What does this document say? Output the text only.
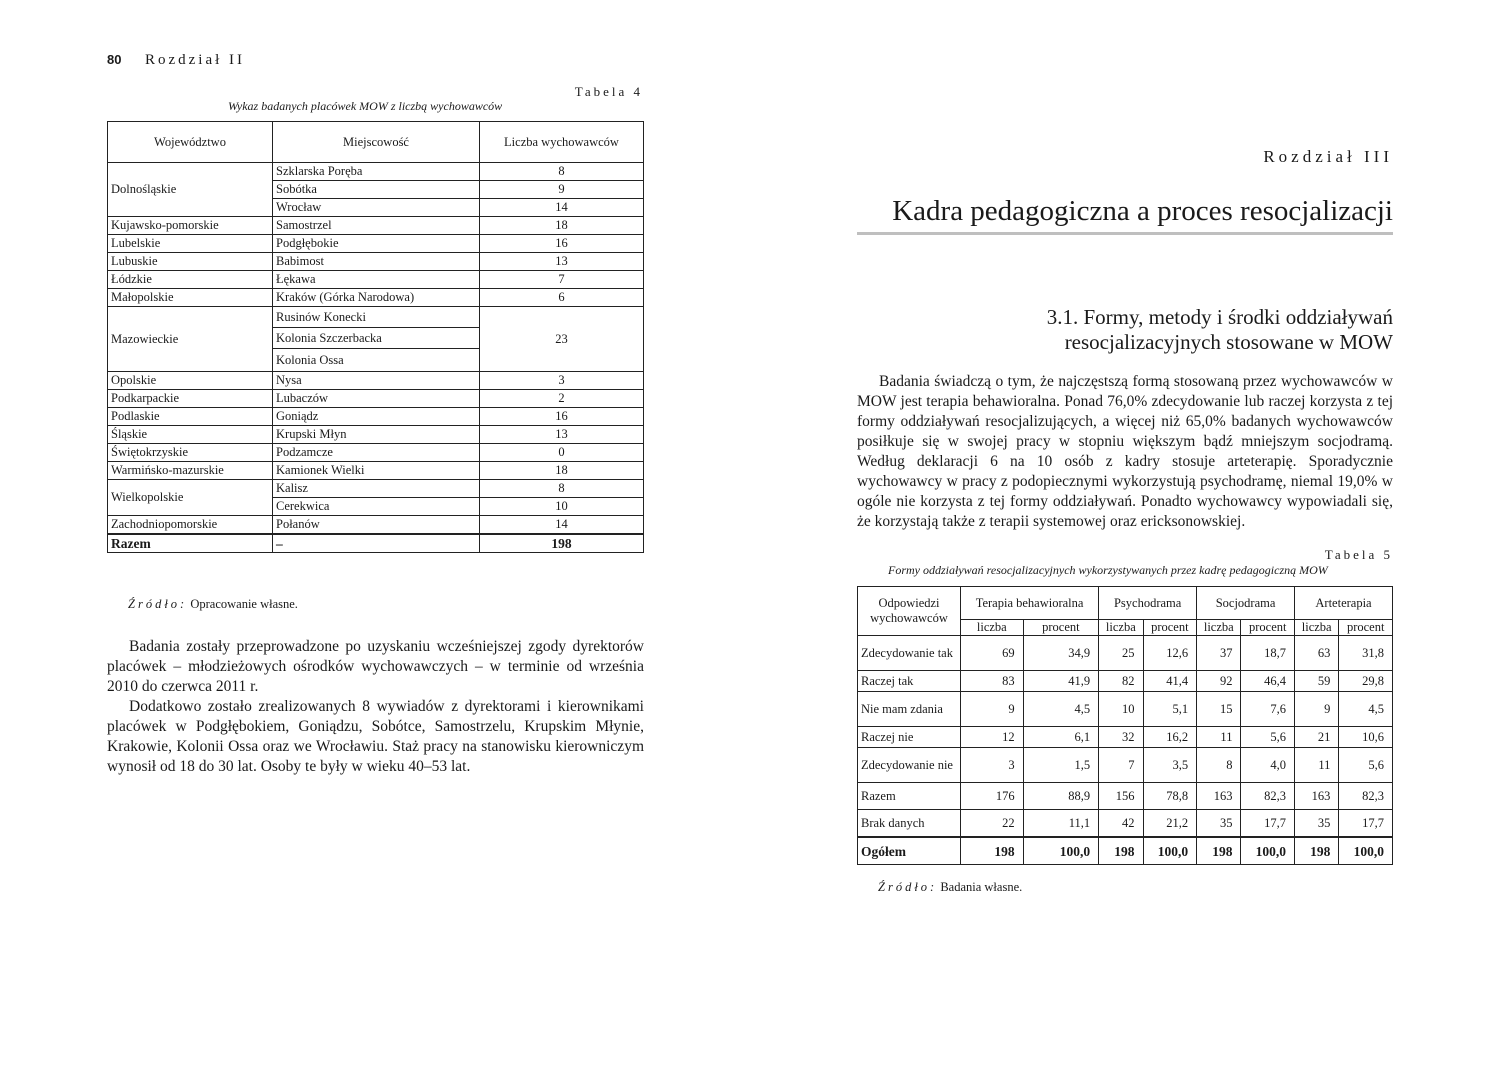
80 Rozdział II
Tabela 4
Wykaz badanych placówek MOW z liczbą wychowawców
Województwo	Miejscowość	Liczba wychowawców
Dolnośląskie	Szklarska Poręba	8
	Sobótka	9
	Wrocław	14
Kujawsko-pomorskie	Samostrzel	18
Lubelskie	Podgłębokie	16
Lubuskie	Babimost	13
Łódzkie	Łękawa	7
Małopolskie	Kraków (Górka Narodowa)	6
Mazowieckie	Rusinów Konecki	23
	Kolonia Szczerbacka	
	Kolonia Ossa	
Opolskie	Nysa	3
Podkarpackie	Lubaczów	2
Podlaskie	Goniądz	16
Śląskie	Krupski Młyn	13
Świętokrzyskie	Podzamcze	0
Warmińsko-mazurskie	Kamionek Wielki	18
Wielkopolskie	Kalisz	8
	Cerekwica	10
Zachodniopomorskie	Połanów	14
Razem	–	198
Źródło: Opracowanie własne.

Badania zostały przeprowadzone po uzyskaniu wcześniejszej zgody dyrektorów placówek – młodzieżowych ośrodków wychowawczych – w terminie od września 2010 do czerwca 2011 r.

Dodatkowo zostało zrealizowanych 8 wywiadów z dyrektorami i kierownikami placówek w Podgłębokiem, Goniądzu, Sobótce, Samostrzelu, Krupskim Młynie, Krakowie, Kolonii Ossa oraz we Wrocławiu. Staż pracy na stanowisku kierowniczym wynosił od 18 do 30 lat. Osoby te były w wieku 40–53 lat.

Rozdział III
Kadra pedagogiczna a proces resocjalizacji
3.1. Formy, metody i środki oddziaływań
resocjalizacyjnych stosowane w MOW

Badania świadczą o tym, że najczęstszą formą stosowaną przez wychowawców w MOW jest terapia behawioralna. Ponad 76,0% zdecydowanie lub raczej korzysta z tej formy oddziaływań resocjalizujących, a więcej niż 65,0% badanych wychowawców posiłkuje się w swojej pracy w stopniu większym bądź mniejszym socjodramą. Według deklaracji 6 na 10 osób z kadry stosuje arteterapię. Sporadycznie wychowawcy w pracy z podopiecznymi wykorzystują psychodramę, niemal 19,0% w ogóle nie korzysta z tej formy oddziaływań. Ponadto wychowawcy wypowiadali się, że korzystają także z terapii systemowej oraz ericksonowskiej.

Tabela 5
Formy oddziaływań resocjalizacyjnych wykorzystywanych przez kadrę pedagogiczną MOW
Odpowiedzi wychowawców	Terapia behawioralna		Psychodrama		Socjodrama		Arteterapia	
	liczba	procent	liczba	procent	liczba	procent	liczba	procent
Zdecydowanie tak	69	34,9	25	12,6	37	18,7	63	31,8
Raczej tak	83	41,9	82	41,4	92	46,4	59	29,8
Nie mam zdania	9	4,5	10	5,1	15	7,6	9	4,5
Raczej nie	12	6,1	32	16,2	11	5,6	21	10,6
Zdecydowanie nie	3	1,5	7	3,5	8	4,0	11	5,6
Razem	176	88,9	156	78,8	163	82,3	163	82,3
Brak danych	22	11,1	42	21,2	35	17,7	35	17,7
Ogółem	198	100,0	198	100,0	198	100,0	198	100,0
Źródło: Badania własne.
